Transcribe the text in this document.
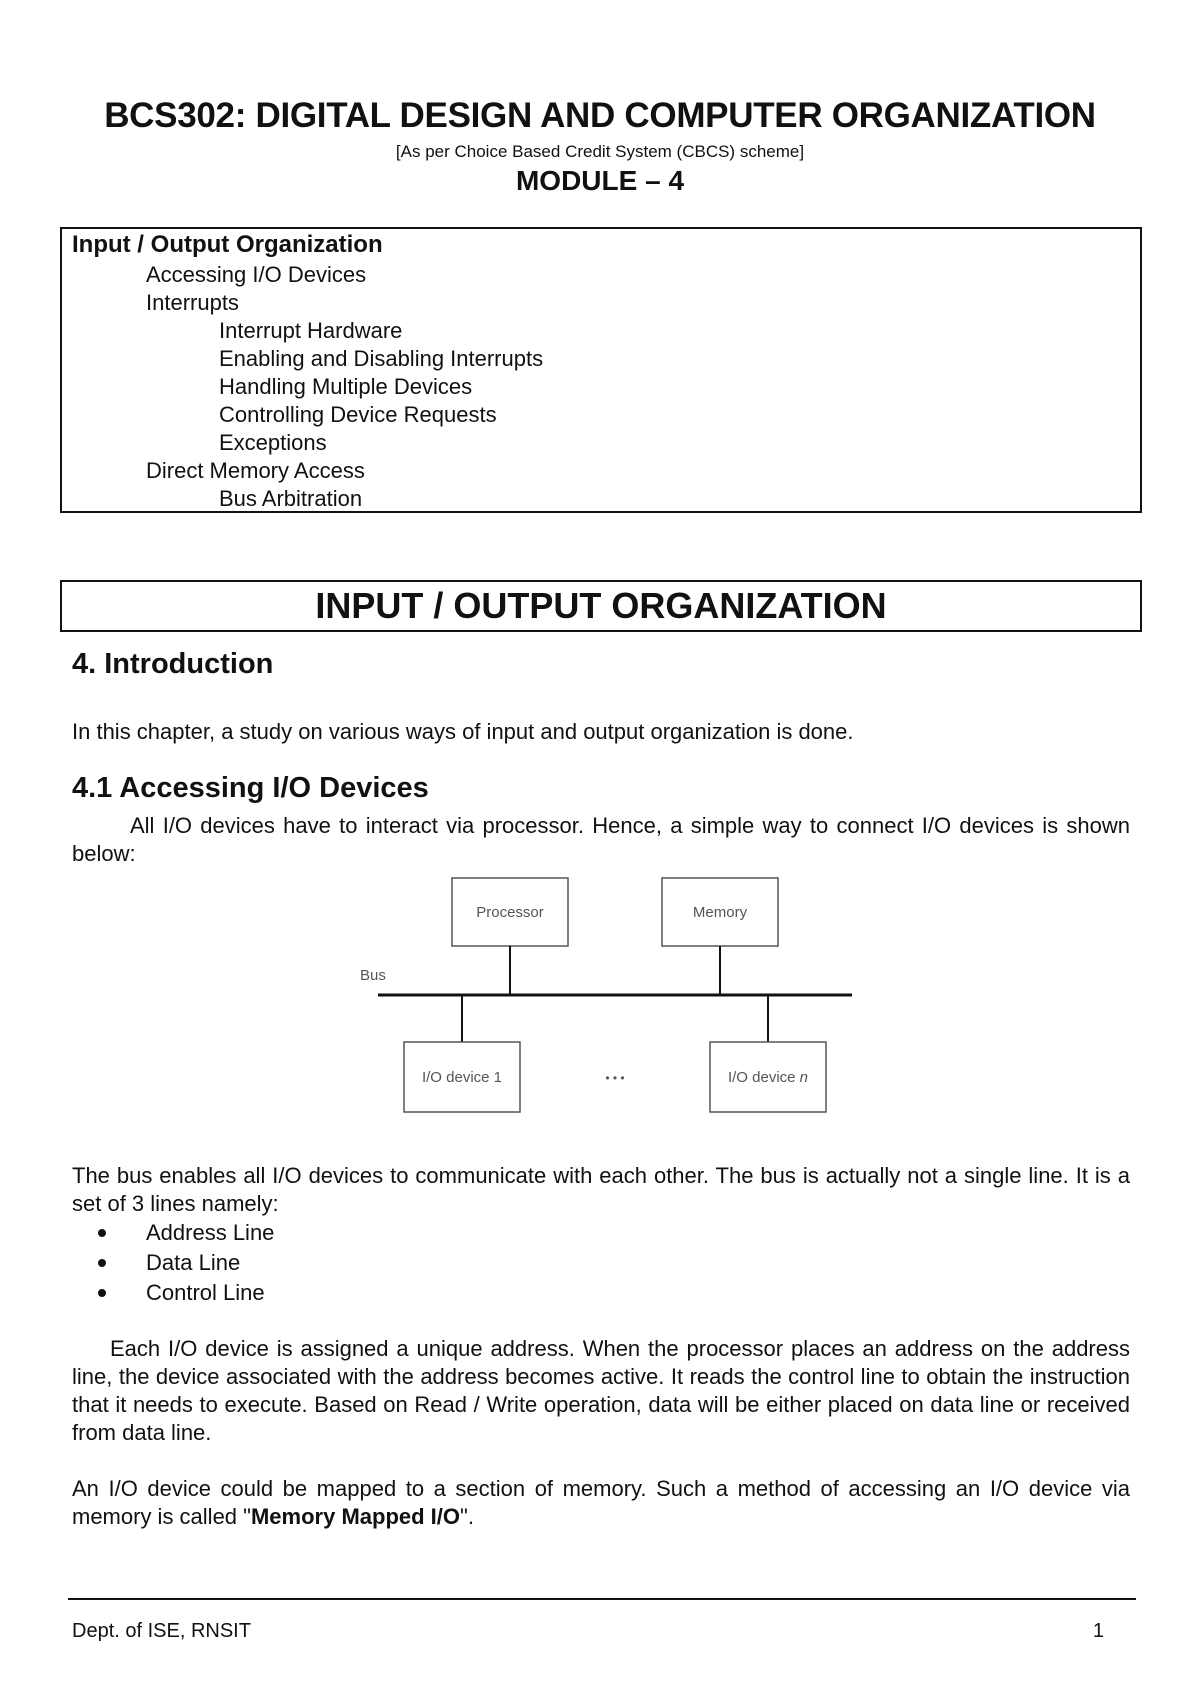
BCS302: DIGITAL DESIGN AND COMPUTER ORGANIZATION
[As per Choice Based Credit System (CBCS) scheme]
MODULE – 4
Input / Output Organization
Accessing I/O Devices
Interrupts
Interrupt Hardware
Enabling and Disabling Interrupts
Handling Multiple Devices
Controlling Device Requests
Exceptions
Direct Memory Access
Bus Arbitration
INPUT / OUTPUT ORGANIZATION
4. Introduction
In this chapter, a study on various ways of input and output organization is done.
4.1 Accessing I/O Devices
All I/O devices have to interact via processor. Hence, a simple way to connect I/O devices is shown below:
Processor	Memory
Bus
I/O device 1	• • •	I/O device n
The bus enables all I/O devices to communicate with each other. The bus is actually not a single line. It is a set of 3 lines namely:
Address Line
Data Line
Control Line
Each I/O device is assigned a unique address. When the processor places an address on the address line, the device associated with the address becomes active. It reads the control line to obtain the instruction that it needs to execute. Based on Read / Write operation, data will be either placed on data line or received from data line.
An I/O device could be mapped to a section of memory. Such a method of accessing an I/O device via memory is called "Memory Mapped I/O".
Dept. of ISE, RNSIT	1
